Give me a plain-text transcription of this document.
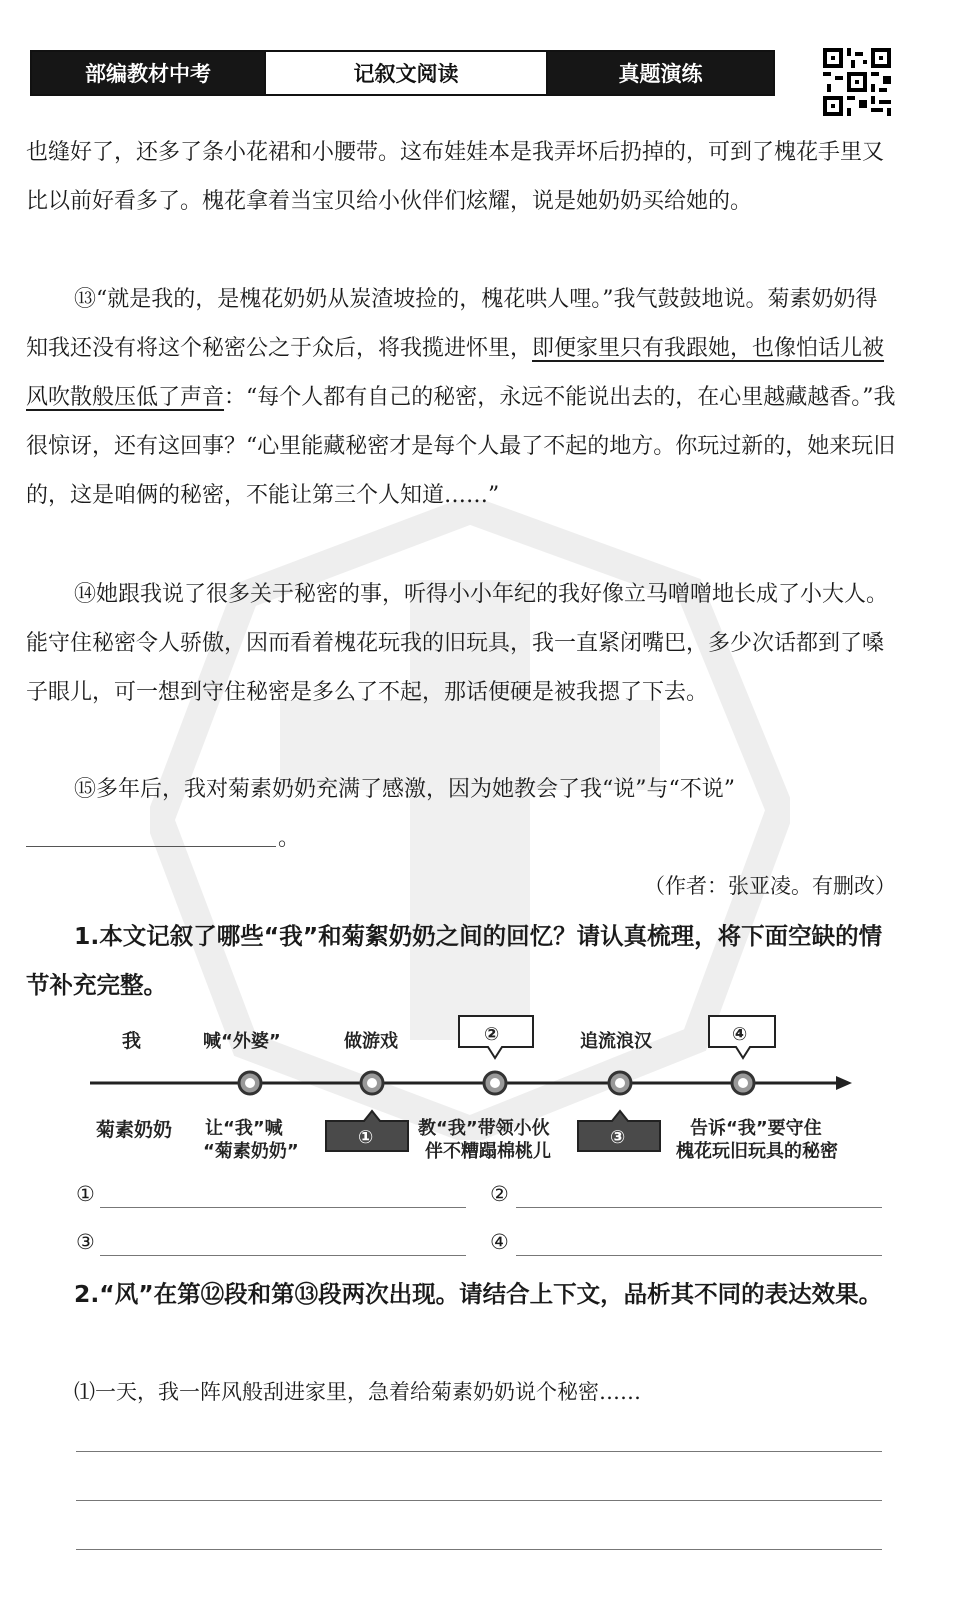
部编教材中考	记叙文阅读	真题演练

也缝好了，还多了条小花裙和小腰带。这布娃娃本是我弄坏后扔掉的，可到了槐花手里又比以前好看多了。槐花拿着当宝贝给小伙伴们炫耀，说是她奶奶买给她的。

⑬“就是我的，是槐花奶奶从炭渣坡捡的，槐花哄人哩。”我气鼓鼓地说。菊素奶奶得知我还没有将这个秘密公之于众后，将我揽进怀里，即便家里只有我跟她，也像怕话儿被风吹散般压低了声音：“每个人都有自己的秘密，永远不能说出去的，在心里越藏越香。”我很惊讶，还有这回事？“心里能藏秘密才是每个人最了不起的地方。你玩过新的，她来玩旧的，这是咱俩的秘密，不能让第三个人知道……”

⑭她跟我说了很多关于秘密的事，听得小小年纪的我好像立马噌噌地长成了小大人。能守住秘密令人骄傲，因而看着槐花玩我的旧玩具，我一直紧闭嘴巴，多少次话都到了嗓子眼儿，可一想到守住秘密是多么了不起，那话便硬是被我摁了下去。

⑮多年后，我对菊素奶奶充满了感激，因为她教会了我“说”与“不说”

。

（作者：张亚凌。有删改）

1.本文记叙了哪些“我”和菊絮奶奶之间的回忆？请认真梳理，将下面空缺的情节补充完整。

我
菊素奶奶
喊“外婆”	做游戏	②	追流浪汉	④
让“我”喊
“菊素奶奶”
① 教“我”带领小伙
伴不糟蹋棉桃儿
③	告诉“我”要守住
槐花玩旧玩具的秘密
①	②
③	④

2.“风”在第⑫段和第⑬段两次出现。请结合上下文，品析其不同的表达效果。

⑴一天，我一阵风般刮进家里，急着给菊素奶奶说个秘密……
